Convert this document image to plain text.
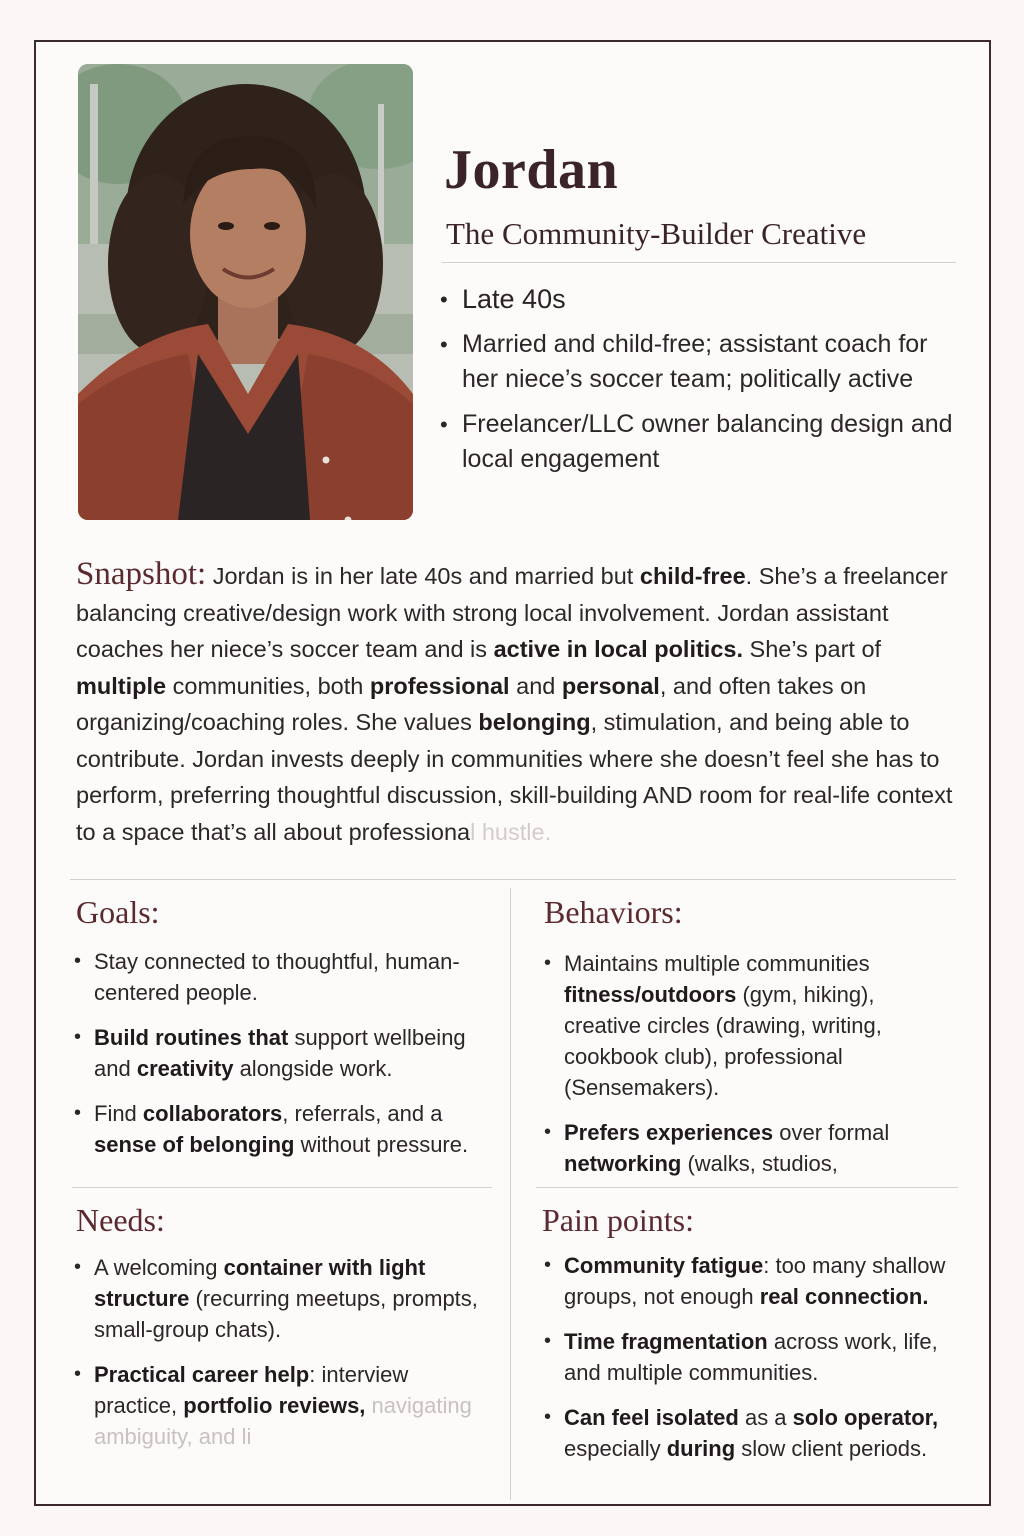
Jordan
The Community-Builder Creative
• Late 40s
• Married and child-free; assistant coach for her niece’s soccer team; politically active
• Freelancer/LLC owner balancing design and local engagement
Snapshot: Jordan is in her late 40s and married but child-free. She’s a freelancer balancing creative/design work with strong local involvement. Jordan assistant coaches her niece’s soccer team and is active in local politics. She’s part of multiple communities, both professional and personal, and often takes on organizing/coaching roles. She values belonging, stimulation, and being able to contribute. Jordan invests deeply in communities where she doesn’t feel she has to perform, preferring thoughtful discussion, skill-building AND room for real-life context to a space that’s all about professional hustle.
Goals:
• Stay connected to thoughtful, human-centered people.
• Build routines that support wellbeing and creativity alongside work.
• Find collaborators, referrals, and a sense of belonging without pressure.
Behaviors:
• Maintains multiple communities fitness/outdoors (gym, hiking), creative circles (drawing, writing, cookbook club), professional (Sensemakers).
• Prefers experiences over formal networking (walks, studios,
Needs:
• A welcoming container with light structure (recurring meetups, prompts, small-group chats).
• Practical career help: interview practice, portfolio reviews, navigating ambiguity, and li
Pain points:
• Community fatigue: too many shallow groups, not enough real connection.
• Time fragmentation across work, life, and multiple communities.
• Can feel isolated as a solo operator, especially during slow client periods.
